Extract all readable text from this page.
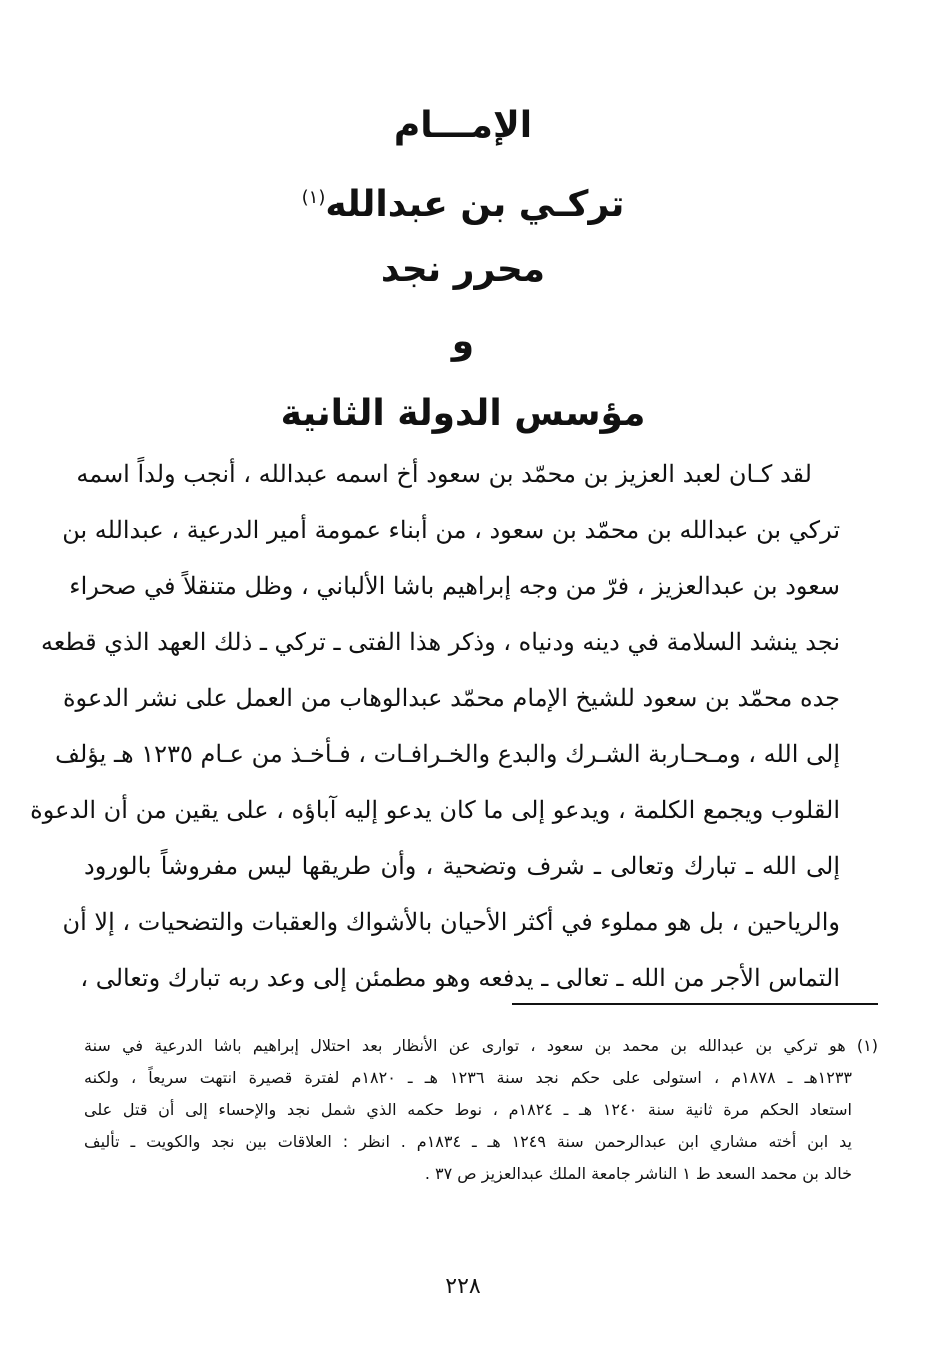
الإمـــام
تركـي بن عبدالله$^{(١)}$
محرر نجد
و
مؤسس الدولة الثانية
لقد كـان لعبد العزيز بن محمّد بن سعود أخ اسمه عبدالله ، أنجب ولداً اسمه
تركي بن عبدالله بن محمّد بن سعود ، من أبناء عمومة أمير الدرعية ، عبدالله بن
سعود بن عبدالعزيز ، فرّ من وجه إبراهيم باشا الألباني ، وظل متنقلاً في صحراء
نجد ينشد السلامة في دينه ودنياه ، وذكر هذا الفتى ـ تركي ـ ذلك العهد الذي قطعه
جده محمّد بن سعود للشيخ الإمام محمّد عبدالوهاب من العمل على نشر الدعوة
إلى الله ، ومـحـاربة الشـرك والبدع والخـرافـات ، فـأخـذ من عـام ١٢٣٥ هـ يؤلف
القلوب ويجمع الكلمة ، ويدعو إلى ما كان يدعو إليه آباؤه ، على يقين من أن الدعوة
إلى الله ـ تبارك وتعالى ـ شرف وتضحية ، وأن طريقها ليس مفروشاً بالورود
والرياحين ، بل هو مملوء في أكثر الأحيان بالأشواك والعقبات والتضحيات ، إلا أن
التماس الأجر من الله ـ تعالى ـ يدفعه وهو مطمئن إلى وعد ربه تبارك وتعالى ،
(١) هو تركي بن عبدالله بن محمد بن سعود ، توارى عن الأنظار بعد احتلال إبراهيم باشا الدرعية في سنة
١٢٣٣هـ ـ ١٨٧٨م ، استولى على حكم نجد سنة ١٢٣٦ هـ ـ ١٨٢٠م لفترة قصيرة انتهت سريعاً ، ولكنه
استعاد الحكم مرة ثانية سنة ١٢٤٠ هـ ـ ١٨٢٤م ، نوط حكمه الذي شمل نجد والإحساء إلى أن قتل على
يد ابن أخته مشاري ابن عبدالرحمن سنة ١٢٤٩ هـ ـ ١٨٣٤م . انظر : العلاقات بين نجد والكويت ـ تأليف
خالد بن محمد السعد ط ١ الناشر جامعة الملك عبدالعزيز ص ٣٧ .
٢٢٨
